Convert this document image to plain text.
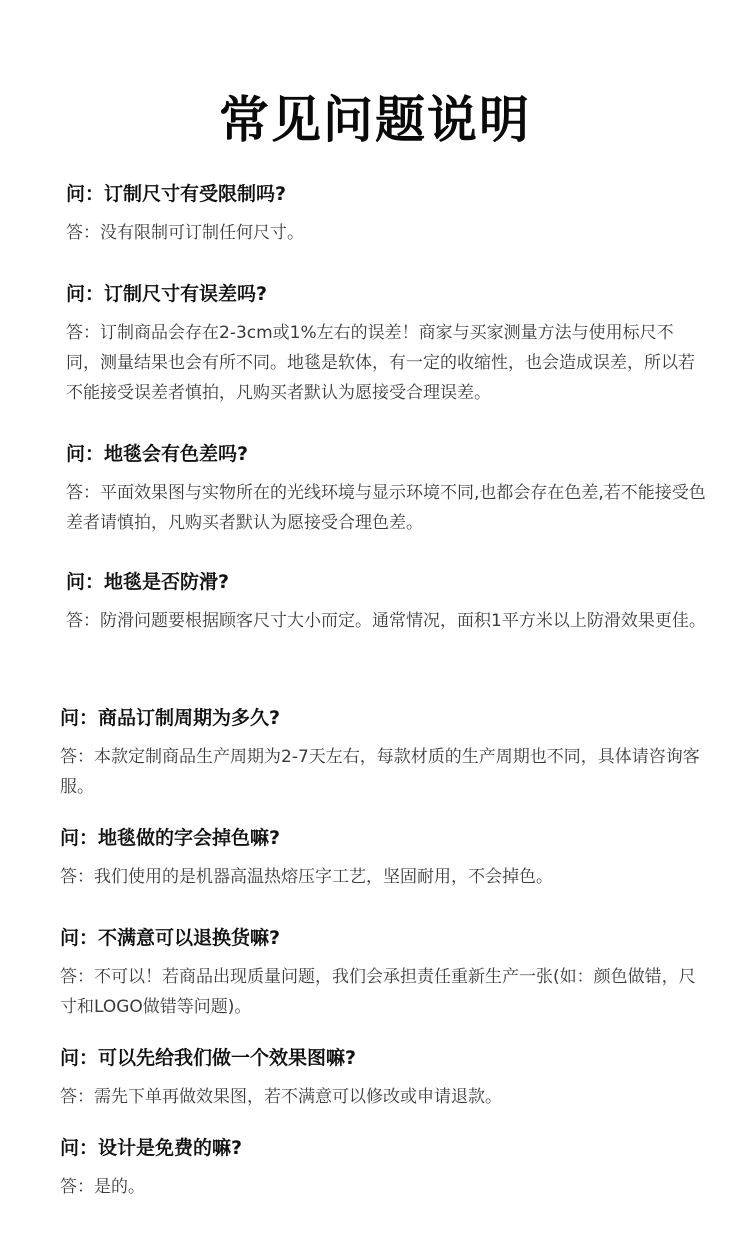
常见问题说明

问：订制尺寸有受限制吗?

答：没有限制可订制任何尺寸。

问：订制尺寸有误差吗?

答：订制商品会存在2-3cm或1%左右的误差！商家与买家测量方法与使用标尺不同，测量结果也会有所不同。地毯是软体，有一定的收缩性，也会造成误差，所以若不能接受误差者慎拍，凡购买者默认为愿接受合理误差。

问：地毯会有色差吗?

答：平面效果图与实物所在的光线环境与显示环境不同,也都会存在色差,若不能接受色差者请慎拍，凡购买者默认为愿接受合理色差。

问：地毯是否防滑?

答：防滑问题要根据顾客尺寸大小而定。通常情况，面积1平方米以上防滑效果更佳。

问：商品订制周期为多久?

答：本款定制商品生产周期为2-7天左右，每款材质的生产周期也不同，具体请咨询客服。

问：地毯做的字会掉色嘛?

答：我们使用的是机器高温热熔压字工艺，坚固耐用，不会掉色。

问：不满意可以退换货嘛?

答：不可以！若商品出现质量问题，我们会承担责任重新生产一张(如：颜色做错，尺寸和LOGO做错等问题)。

问：可以先给我们做一个效果图嘛?

答：需先下单再做效果图，若不满意可以修改或申请退款。

问：设计是免费的嘛?

答：是的。
